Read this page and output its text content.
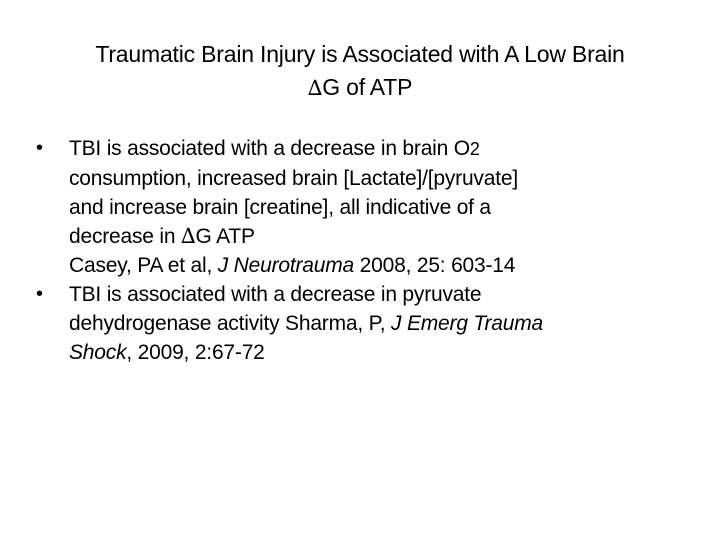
Traumatic Brain Injury is Associated with A Low Brain
∆G of ATP
•	TBI is associated with a decrease in brain O2
consumption, increased brain [Lactate]/[pyruvate]
and increase brain [creatine], all indicative of a
decrease in ∆G ATP
Casey, PA et al, J Neurotrauma 2008, 25: 603-14
•	TBI is associated with a decrease in pyruvate
dehydrogenase activity Sharma, P, J Emerg Trauma
Shock, 2009, 2:67-72
